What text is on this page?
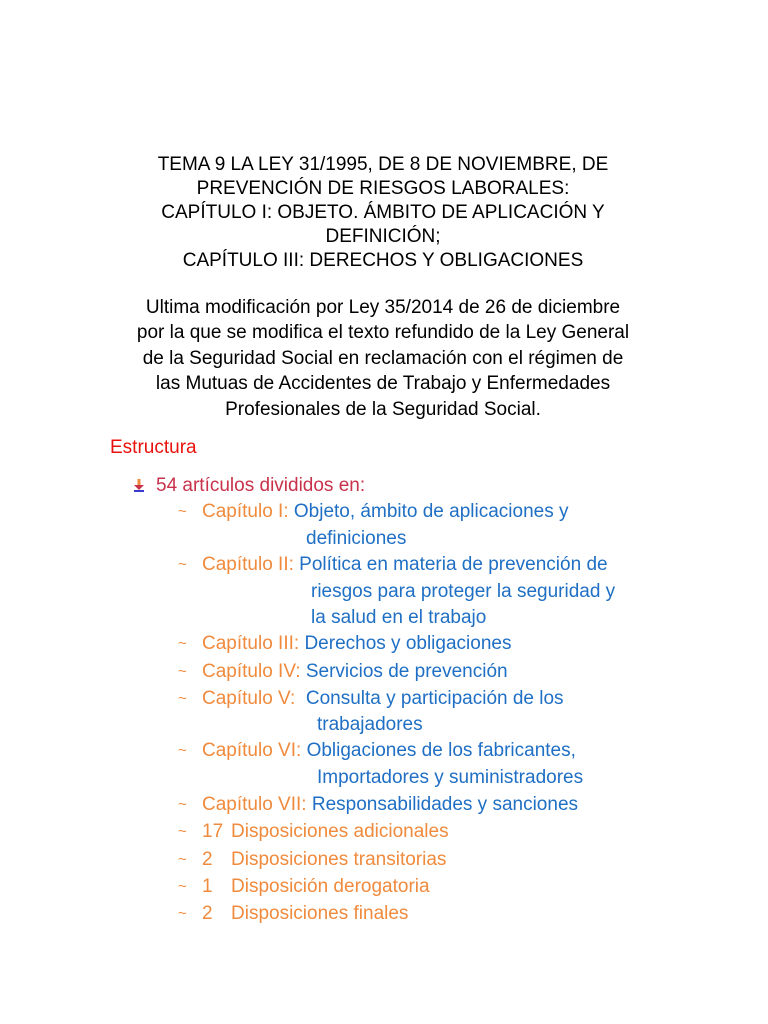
TEMA 9 LA LEY 31/1995, DE 8 DE NOVIEMBRE, DE
PREVENCIÓN DE RIESGOS LABORALES:
CAPÍTULO I: OBJETO. ÁMBITO DE APLICACIÓN Y
DEFINICIÓN;
CAPÍTULO III: DERECHOS Y OBLIGACIONES
Ultima modificación por Ley 35/2014 de 26 de diciembre
por la que se modifica el texto refundido de la Ley General
de la Seguridad Social en reclamación con el régimen de
las Mutuas de Accidentes de Trabajo y Enfermedades
Profesionales de la Seguridad Social.
Estructura
54 artículos divididos en:
~ Capítulo I: Objeto, ámbito de aplicaciones y
definiciones
~ Capítulo II: Política en materia de prevención de
riesgos para proteger la seguridad y
la salud en el trabajo
~ Capítulo III: Derechos y obligaciones
~ Capítulo IV: Servicios de prevención
~ Capítulo V: Consulta y participación de los
trabajadores
~ Capítulo VI: Obligaciones de los fabricantes,
Importadores y suministradores
~ Capítulo VII: Responsabilidades y sanciones
~ 17 Disposiciones adicionales
~ 2 Disposiciones transitorias
~ 1 Disposición derogatoria
~ 2 Disposiciones finales
